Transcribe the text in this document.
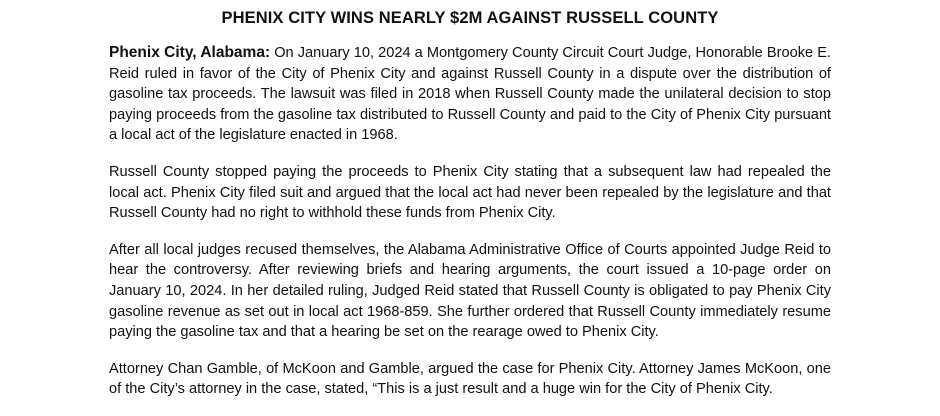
PHENIX CITY WINS NEARLY $2M AGAINST RUSSELL COUNTY

Phenix City, Alabama: On January 10, 2024 a Montgomery County Circuit Court Judge, Honorable Brooke E. Reid ruled in favor of the City of Phenix City and against Russell County in a dispute over the distribution of gasoline tax proceeds. The lawsuit was filed in 2018 when Russell County made the unilateral decision to stop paying proceeds from the gasoline tax distributed to Russell County and paid to the City of Phenix City pursuant a local act of the legislature enacted in 1968.

Russell County stopped paying the proceeds to Phenix City stating that a subsequent law had repealed the local act. Phenix City filed suit and argued that the local act had never been repealed by the legislature and that Russell County had no right to withhold these funds from Phenix City.

After all local judges recused themselves, the Alabama Administrative Office of Courts appointed Judge Reid to hear the controversy. After reviewing briefs and hearing arguments, the court issued a 10-page order on January 10, 2024. In her detailed ruling, Judged Reid stated that Russell County is obligated to pay Phenix City gasoline revenue as set out in local act 1968-859. She further ordered that Russell County immediately resume paying the gasoline tax and that a hearing be set on the rearage owed to Phenix City.

Attorney Chan Gamble, of McKoon and Gamble, argued the case for Phenix City. Attorney James McKoon, one of the City’s attorney in the case, stated, “This is a just result and a huge win for the City of Phenix City.
